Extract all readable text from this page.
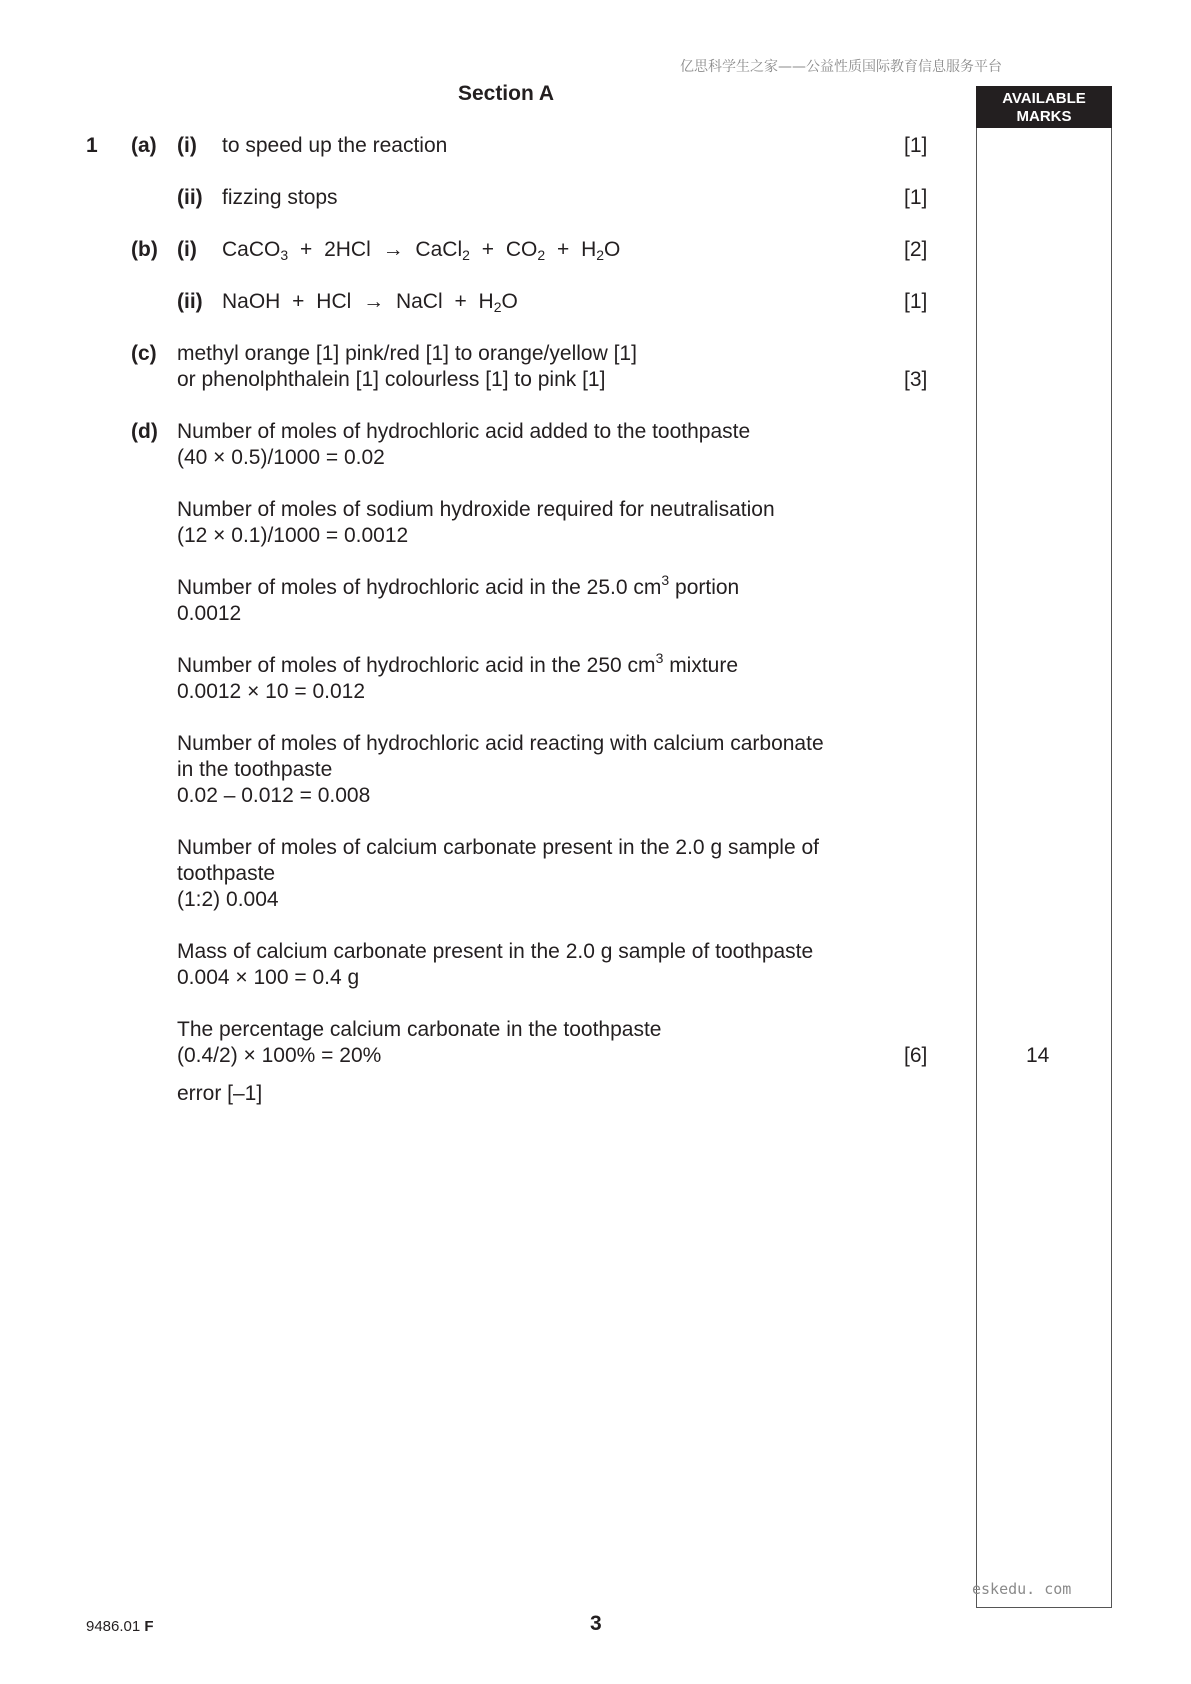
亿思科学生之家——公益性质国际教育信息服务平台
Section A	AVAILABLE
MARKS
1 (a) (i) to speed up the reaction	[1]
(ii) fizzing stops	[1]
(b) (i) CaCO$_3$ + 2HCl → CaCl$_2$ + $CO_2 + H_2O$	[2]
(ii) NaOH + HCl → NaCl + $H_2O$	[1]
(c) methyl orange [1] pink/red [1] to orange/yellow [1]
or phenolphthalein [1] colourless [1] to pink [1]	[3]
(d) Number of moles of hydrochloric acid added to the toothpaste
(40 × 0.5)/1000 = 0.02
Number of moles of sodium hydroxide required for neutralisation
(12 × 0.1)/1000 = 0.0012
Number of moles of hydrochloric acid in the 25.0 $cm^3$ portion
0.0012
Number of moles of hydrochloric acid in the 250 $cm^3$ mixture
0.0012 × 10 = 0.012
Number of moles of hydrochloric acid reacting with calcium carbonate
in the toothpaste
0.02 – 0.012 = 0.008
Number of moles of calcium carbonate present in the 2.0 g sample of
toothpaste
(1:2) 0.004
Mass of calcium carbonate present in the 2.0 g sample of toothpaste
0.004 × 100 = 0.4 g
The percentage calcium carbonate in the toothpaste
(0.4/2) × 100% = 20%	[6]	14
error [–1]
eskedu. com
9486.01 F	3
